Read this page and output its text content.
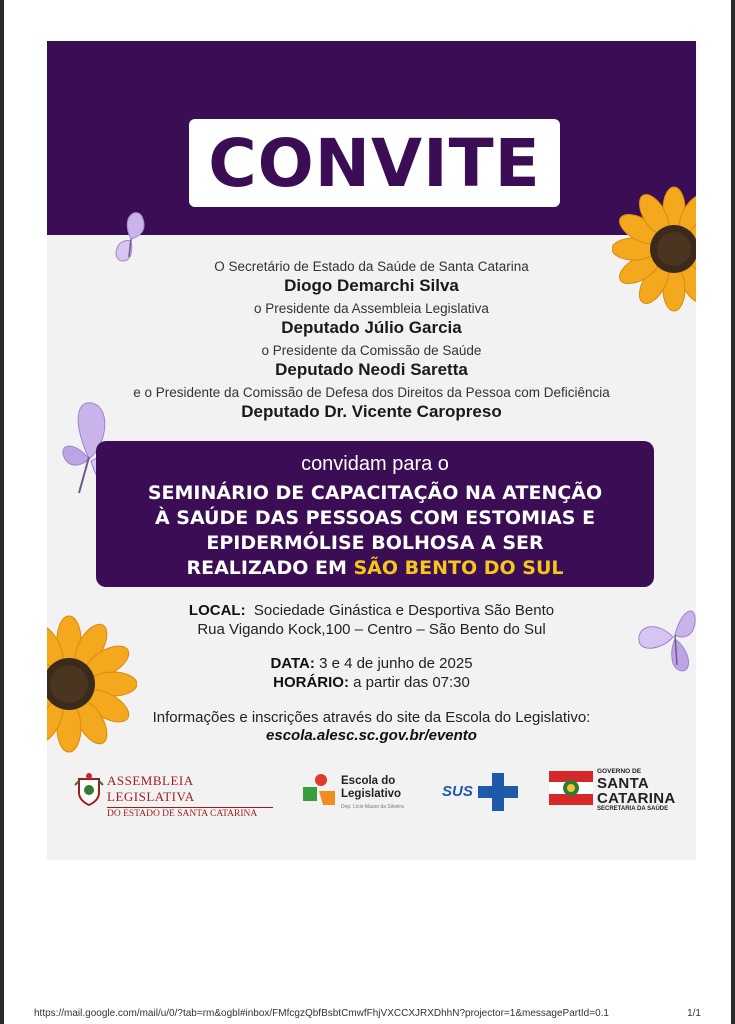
CONVITE
O Secretário de Estado da Saúde de Santa Catarina
Diogo Demarchi Silva
o Presidente da Assembleia Legislativa
Deputado Júlio Garcia
o Presidente da Comissão de Saúde
Deputado Neodi Saretta
e o Presidente da Comissão de Defesa dos Direitos da Pessoa com Deficiência
Deputado Dr. Vicente Caropreso
convidam para o
SEMINÁRIO DE CAPACITAÇÃO NA ATENÇÃO
À SAÚDE DAS PESSOAS COM ESTOMIAS E
EPIDERMÓLISE BOLHOSA A SER
REALIZADO EM SÃO BENTO DO SUL
LOCAL: Sociedade Ginástica e Desportiva São Bento
Rua Vigando Kock,100 – Centro – São Bento do Sul
DATA: 3 e 4 de junho de 2025
HORÁRIO: a partir das 07:30
Informações e inscrições através do site da Escola do Legislativo:
escola.alesc.sc.gov.br/evento
ASSEMBLEIA LEGISLATIVA
DO ESTADO DE SANTA CATARINA
Escola do
Legislativo
Dep. Lício Mauro da Silveira
SUS
GOVERNO DE
SANTA
CATARINA
SECRETARIA DA SAÚDE
https://mail.google.com/mail/u/0/?tab=rm&ogbl#inbox/FMfcgzQbfBsbtCmwfFhjVXCCXJRXDhhN?projector=1&messagePartId=0.1	1/1
